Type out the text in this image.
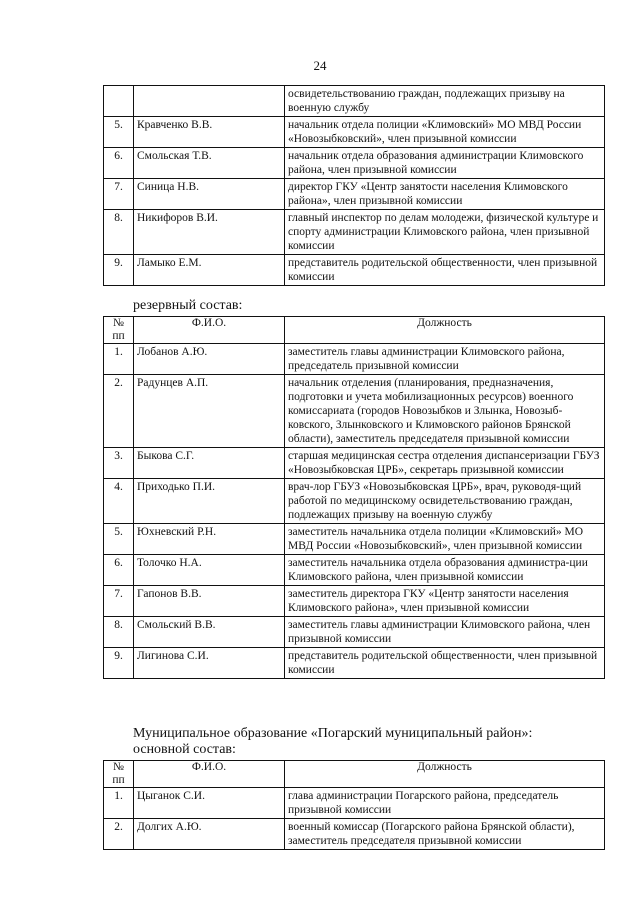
24
		освидетельствованию граждан, подлежащих призыву на военную службу
5.	Кравченко В.В.	начальник отдела полиции «Климовский» МО МВД России «Новозыбковский», член призывной комиссии
6.	Смольская Т.В.	начальник отдела образования администрации Климовского района, член призывной комиссии
7.	Синица Н.В.	директор ГКУ «Центр занятости населения Климовского района», член призывной комиссии
8.	Никифоров В.И.	главный инспектор по делам молодежи, физической культуре и спорту администрации Климовского района, член призывной комиссии
9.	Ламыко Е.М.	представитель родительской общественности, член призывной комиссии
резервный состав:
№ пп	Ф.И.О.	Должность
1.	Лобанов А.Ю.	заместитель главы администрации Климовского района, председатель призывной комиссии
2.	Радунцев А.П.	начальник отделения (планирования, предназначения, подготовки и учета мобилизационных ресурсов) военного комиссариата (городов Новозыбков и Злынка, Новозыб-ковского, Злынковского и Климовского районов Брянской области), заместитель председателя призывной комиссии
3.	Быкова С.Г.	старшая медицинская сестра отделения диспансеризации ГБУЗ «Новозыбковская ЦРБ», секретарь призывной комиссии
4.	Приходько П.И.	врач-лор ГБУЗ «Новозыбковская ЦРБ», врач, руководя-щий работой по медицинскому освидетельствованию граждан, подлежащих призыву на военную службу
5.	Юхневский Р.Н.	заместитель начальника отдела полиции «Климовский» МО МВД России «Новозыбковский», член призывной комиссии
6.	Толочко Н.А.	заместитель начальника отдела образования администра-ции Климовского района, член призывной комиссии
7.	Гапонов В.В.	заместитель директора ГКУ «Центр занятости населения Климовского района», член призывной комиссии
8.	Смольский В.В.	заместитель главы администрации Климовского района, член призывной комиссии
9.	Лигинова С.И.	представитель родительской общественности, член призывной комиссии
Муниципальное образование «Погарский муниципальный район»:
основной состав:
№ пп	Ф.И.О.	Должность
1.	Цыганок С.И.	глава администрации Погарского района, председатель призывной комиссии
2.	Долгих А.Ю.	военный комиссар (Погарского района Брянской области), заместитель председателя призывной комиссии
